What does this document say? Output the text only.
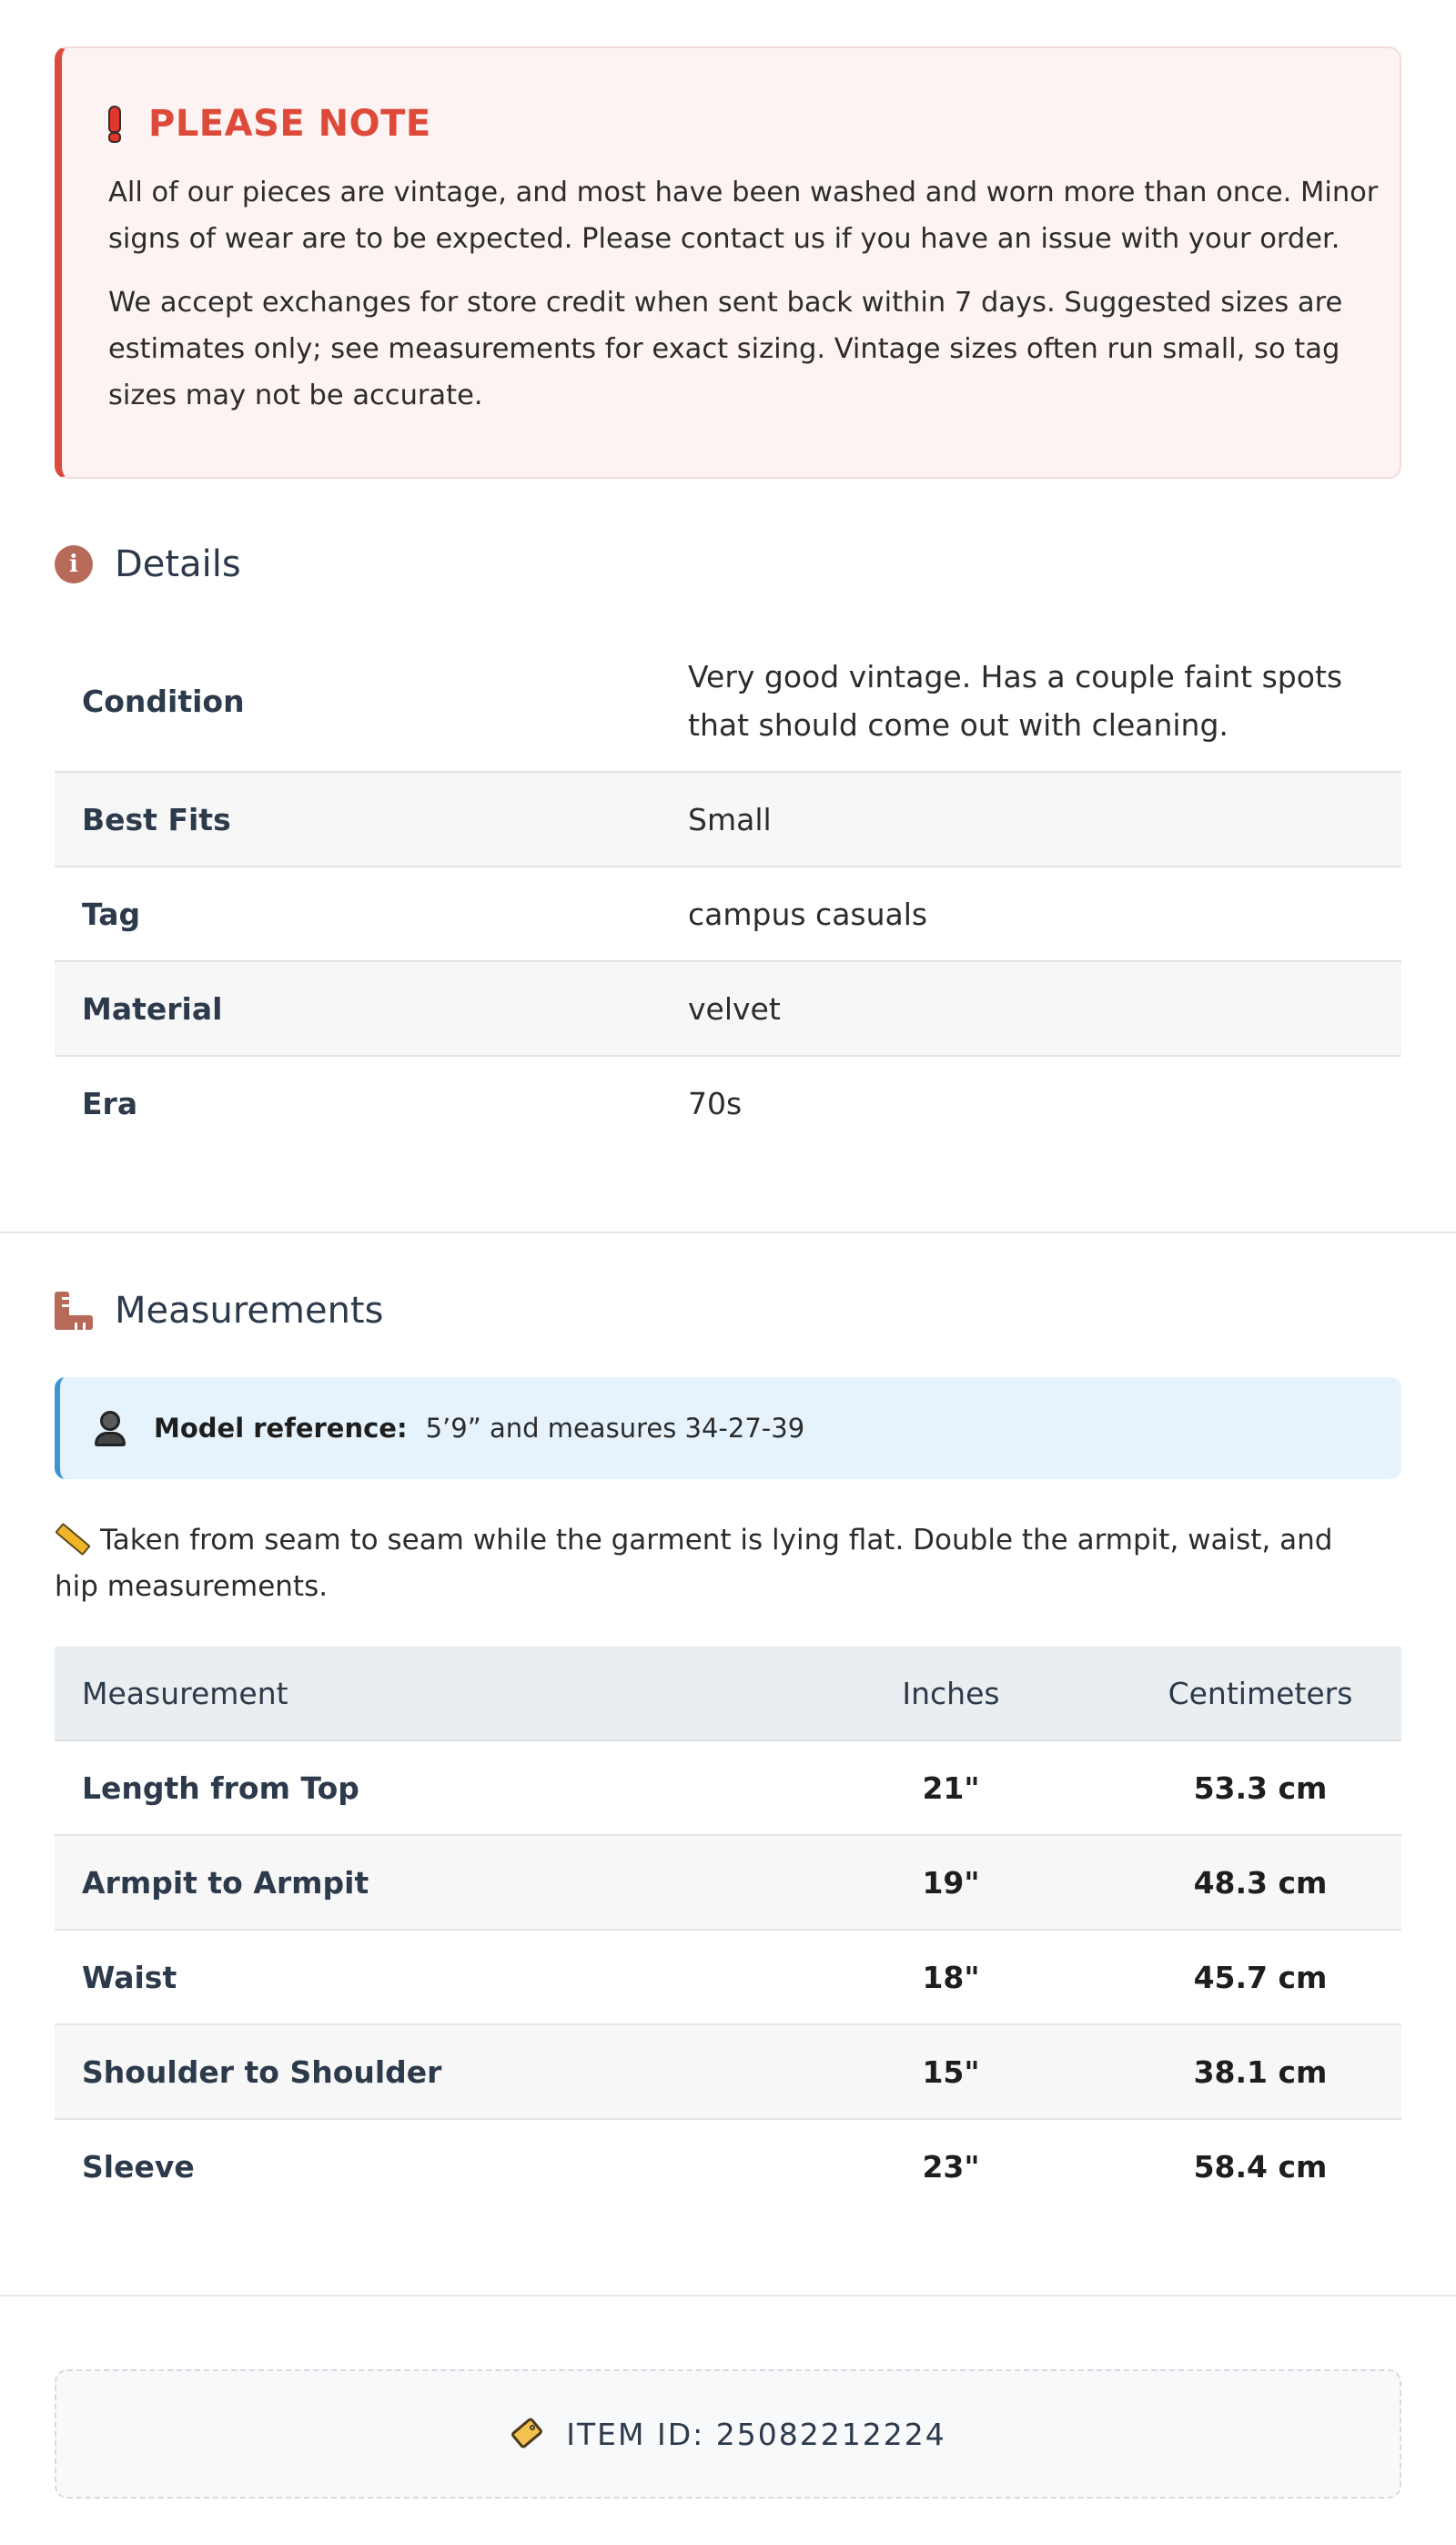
PLEASE NOTE

All of our pieces are vintage, and most have been washed and worn more than once. Minor signs of wear are to be expected. Please contact us if you have an issue with your order.

We accept exchanges for store credit when sent back within 7 days. Suggested sizes are estimates only; see measurements for exact sizing. Vintage sizes often run small, so tag sizes may not be accurate.

i	Details
Condition	Very good vintage. Has a couple faint spots that should come out with cleaning.
Best Fits	Small
Tag	campus casuals
Material	velvet
Era	70s
Measurements
Model reference: 5’9” and measures 34-27-39
Taken from seam to seam while the garment is lying flat. Double the armpit, waist, and hip measurements.
Measurement	Inches	Centimeters
Length from Top	21"	53.3 cm
Armpit to Armpit	19"	48.3 cm
Waist	18"	45.7 cm
Shoulder to Shoulder	15"	38.1 cm
Sleeve	23"	58.4 cm
ITEM ID: 25082212224
